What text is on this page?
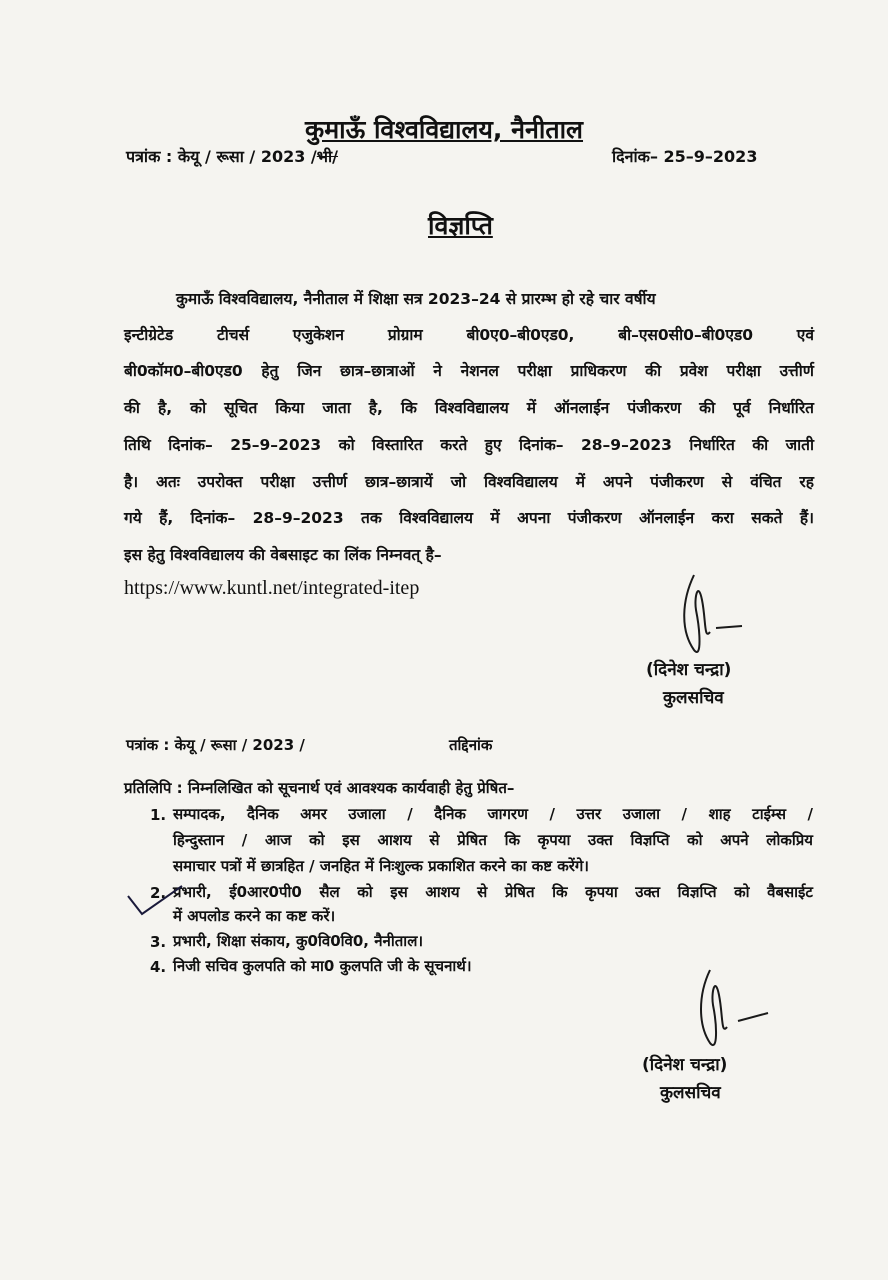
कुमाऊँ विश्वविद्यालय, नैनीताल
पत्रांक : केयू / रूसा / 2023 /भी/	दिनांक– 25–9–2023
विज्ञप्ति
कुमाऊँ विश्वविद्यालय, नैनीताल में शिक्षा सत्र 2023–24 से प्रारम्भ हो रहे चार वर्षीय
इन्टीग्रेटेड टीचर्स एजुकेशन प्रोग्राम बी0ए0–बी0एड0, बी–एस0सी0–बी0एड0 एवं
बी0कॉम0–बी0एड0 हेतु जिन छात्र–छात्राओं ने नेशनल परीक्षा प्राधिकरण की प्रवेश परीक्षा उत्तीर्ण
की है, को सूचित किया जाता है, कि विश्वविद्यालय में ऑनलाईन पंजीकरण की पूर्व निर्धारित
तिथि दिनांक– 25–9–2023 को विस्तारित करते हुए दिनांक– 28–9–2023 निर्धारित की जाती
है। अतः उपरोक्त परीक्षा उत्तीर्ण छात्र–छात्रायें जो विश्वविद्यालय में अपने पंजीकरण से वंचित रह
गये हैं, दिनांक– 28–9–2023 तक विश्वविद्यालय में अपना पंजीकरण ऑनलाईन करा सकते हैं।
इस हेतु विश्वविद्यालय की वेबसाइट का लिंक निम्नवत् है–
https://www.kuntl.net/integrated-itep
(दिनेश चन्द्रा)
कुलसचिव
पत्रांक : केयू / रूसा / 2023 /	तद्दिनांक
प्रतिलिपि : निम्नलिखित को सूचनार्थ एवं आवश्यक कार्यवाही हेतु प्रेषित–
1. सम्पादक, दैनिक अमर उजाला / दैनिक जागरण / उत्तर उजाला / शाह टाईम्स /
हिन्दुस्तान / आज को इस आशय से प्रेषित कि कृपया उक्त विज्ञप्ति को अपने लोकप्रिय
समाचार पत्रों में छात्रहित / जनहित में निःशुल्क प्रकाशित करने का कष्ट करेंगे।
2. प्रभारी, ई0आर0पी0 सैल को इस आशय से प्रेषित कि कृपया उक्त विज्ञप्ति को वैबसाईट
में अपलोड करने का कष्ट करें।
3. प्रभारी, शिक्षा संकाय, कु0वि0वि0, नैनीताल।
4. निजी सचिव कुलपति को मा0 कुलपति जी के सूचनार्थ।
(दिनेश चन्द्रा)
कुलसचिव
